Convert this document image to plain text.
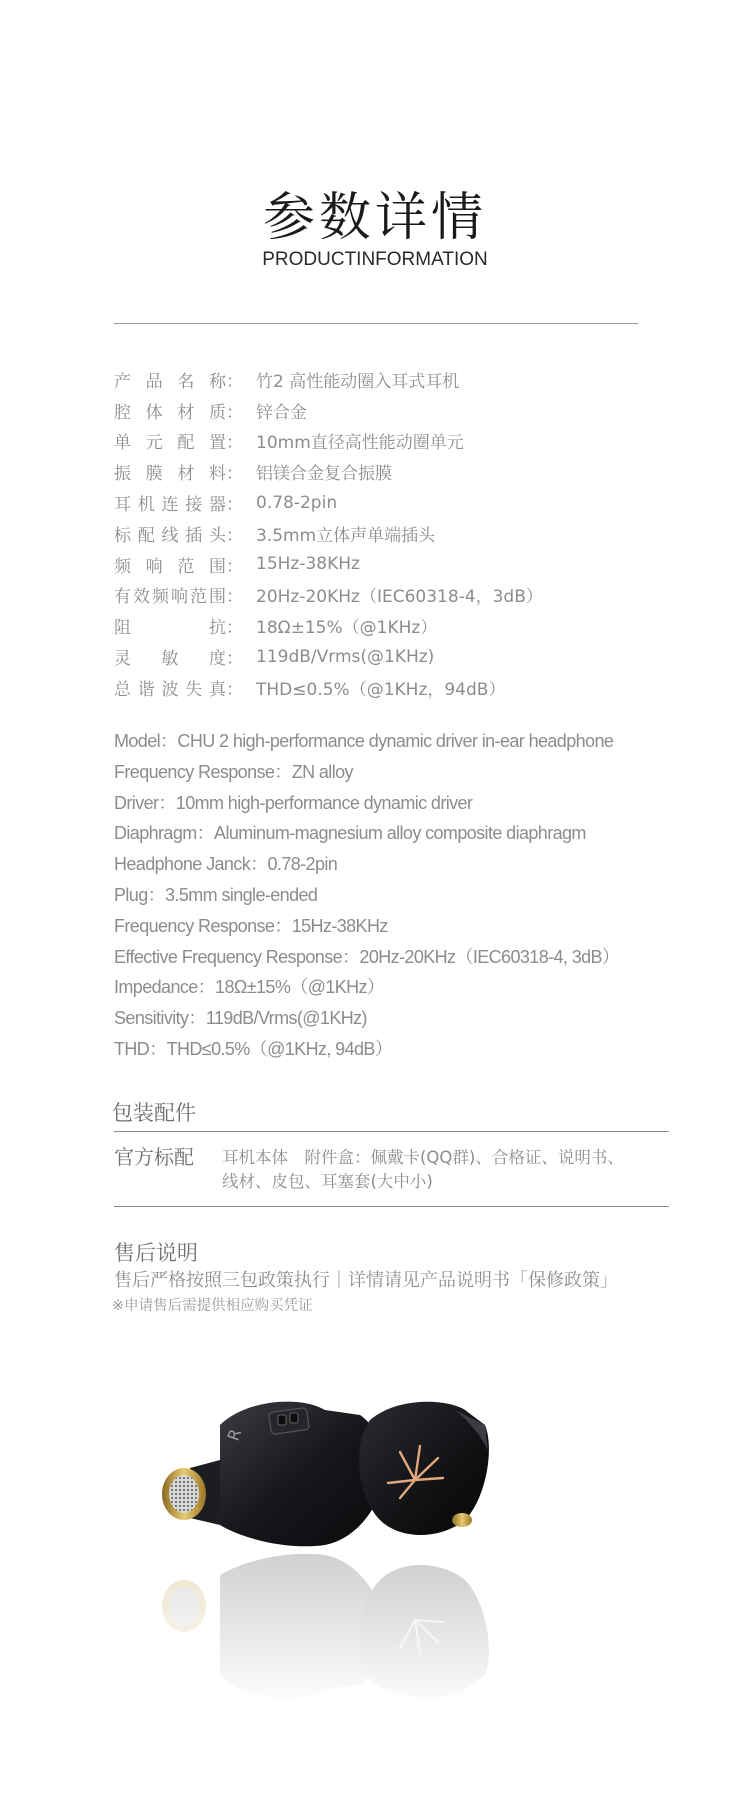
参数详情
PRODUCTINFORMATION
产品名称 ： 竹2 高性能动圈入耳式耳机
腔体材质 ： 锌合金
单元配置 ： 10mm直径高性能动圈单元
振膜材料 ： 铝镁合金复合振膜
耳机连接器 ： 0.78-2pin
标配线插头 ： 3.5mm立体声单端插头
频响范围 ： 15Hz-38KHz
有效频响范围 ： 20Hz-20KHz（IEC60318-4，3dB）
阻抗 ： 18Ω±15%（@1KHz）
灵敏度 ： 119dB/Vrms(@1KHz)
总谐波失真 ： THD≤0.5%（@1KHz，94dB）
Model：CHU 2 high-performance dynamic driver in-ear headphone
Frequency Response：ZN alloy
Driver：10mm high-performance dynamic driver
Diaphragm：Aluminum-magnesium alloy composite diaphragm
Headphone Janck：0.78-2pin
Plug：3.5mm single-ended
Frequency Response：15Hz-38KHz
Effective Frequency Response：20Hz-20KHz（IEC60318-4, 3dB）
Impedance：18Ω±15%（@1KHz）
Sensitivity：119dB/Vrms(@1KHz)
THD：THD≤0.5%（@1KHz, 94dB）
包装配件
官方标配 耳机本体　附件盒：佩戴卡(QQ群)、合格证、说明书、
线材、皮包、耳塞套(大中小)
售后说明
售后严格按照三包政策执行｜详情请见产品说明书「保修政策」
※申请售后需提供相应购买凭证
R
